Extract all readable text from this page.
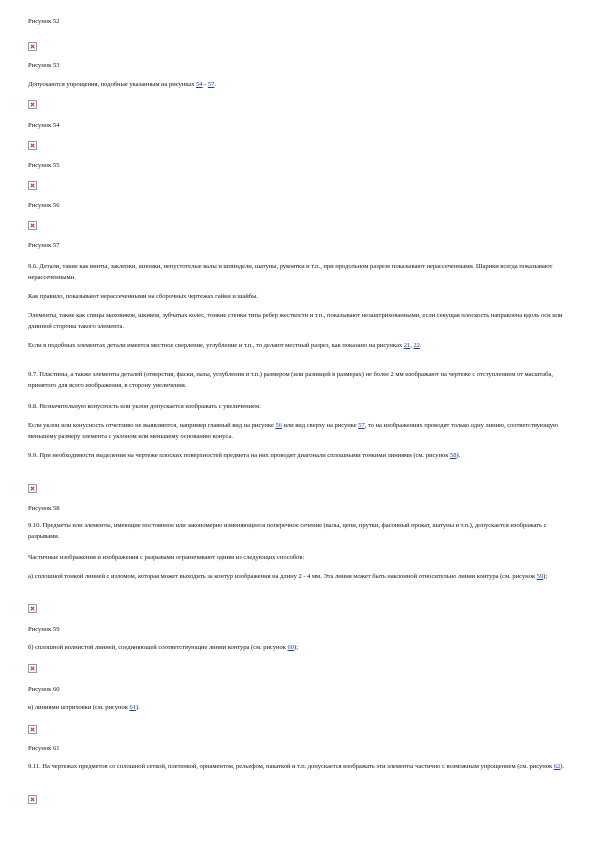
Рисунок 52
Рисунок 53
Допускаются упрощения, подобные указанным на рисунках 54 - 57.
Рисунок 54
Рисунок 55
Рисунок 56
Рисунок 57
9.6. Детали, такие как винты, заклепки, шпонки, непустотелые валы и шпиндели, шатуны, рукоятки и т.п., при продольном разрезе показывают нерассеченными. Шарики всегда показывают нерассеченными.
Как правило, показывают нерассеченными на сборочных чертежах гайки и шайбы.
Элементы, такие как спицы маховиков, шкивов, зубчатых колес, тонкие стенки типа ребер жесткости и т.п., показывают незаштрихованными, если секущая плоскость направлена вдоль оси или длинной стороны такого элемента.
Если в подобных элементах детали имеется местное сверление, углубление и т.п., то делают местный разрез, как показано на рисунках 21, 22.
9.7. Пластины, а также элементы деталей (отверстия, фаски, пазы, углубления и т.п.) размером (или разницей в размерах) не более 2 мм изображают на чертеже с отступлением от масштаба, принятого для всего изображения, в сторону увеличения.
9.8. Незначительную конусность или уклон допускается изображать с увеличением.
Если уклон или конусность отчетливо не выявляются, например главный вид на рисунке 56 или вид сверху на рисунке 57, то на изображениях проводят только одну линию, соответствующую меньшему размеру элемента с уклоном или меньшему основанию конуса.
9.9. При необходимости выделения на чертеже плоских поверхностей предмета на них проводят диагонали сплошными тонкими линиями (см. рисунок 58).
Рисунок 58
9.10. Предметы или элементы, имеющие постоянное или закономерно изменяющееся поперечное сечение (валы, цепи, прутки, фасонный прокат, шатуны и т.п.), допускается изображать с разрывами.
Частичные изображения и изображения с разрывами ограничивают одним из следующих способов:
а) сплошной тонкой линией с изломом, которая может выходить за контур изображения на длину 2 - 4 мм. Эта линия может быть наклонной относительно линии контура (см. рисунок 59);
Рисунок 59
б) сплошной волнистой линией, соединяющей соответствующие линии контура (см. рисунок 60);
Рисунок 60
в) линиями штриховки (см. рисунок 61).
Рисунок 61
9.11. На чертежах предметов со сплошной сеткой, плетенкой, орнаментом, рельефом, накаткой и т.п. допускается изображать эти элементы частично с возможным упрощением (см. рисунок 62).
